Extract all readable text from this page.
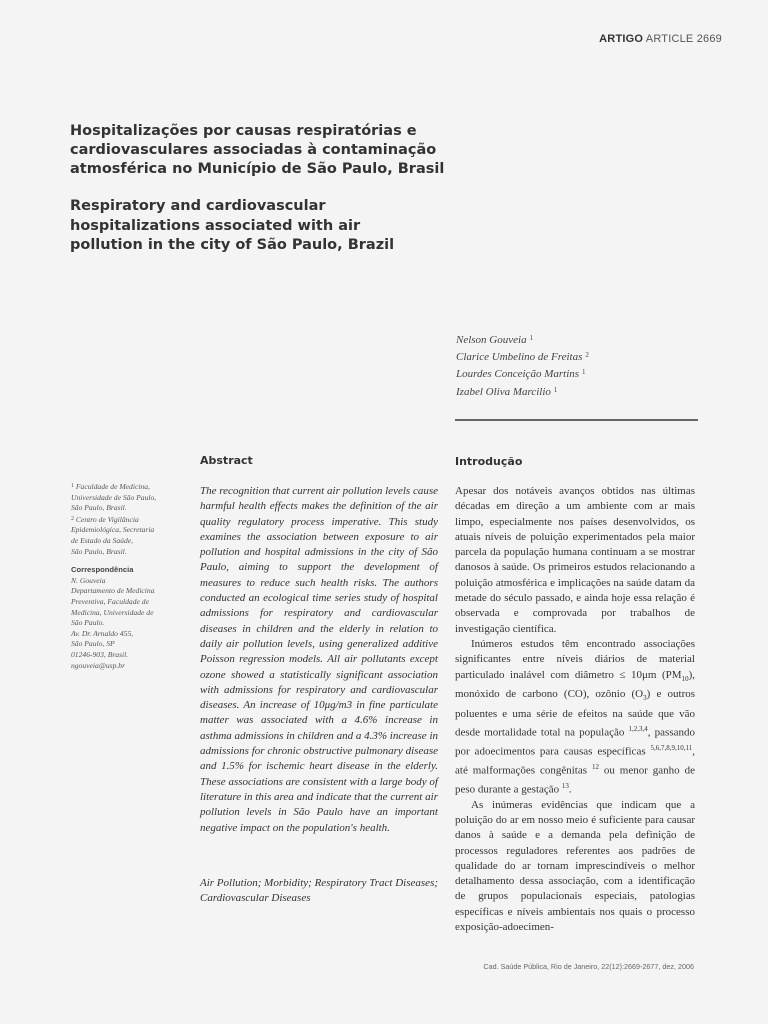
ARTIGO ARTICLE 2669
Hospitalizações por causas respiratórias e cardiovasculares associadas à contaminação atmosférica no Município de São Paulo, Brasil
Respiratory and cardiovascular hospitalizations associated with air pollution in the city of São Paulo, Brazil
Nelson Gouveia $^1$
Clarice Umbelino de Freitas $^2$
Lourdes Conceição Martins $^1$
Izabel Oliva Marcilio $^1$
Abstract	Introdução
$^1$ Faculdade de Medicina,
Universidade de São Paulo,
São Paulo, Brasil.
$^2$ Centro de Vigilância
Epidemiológica, Secretaria
de Estado da Saúde,
São Paulo, Brasil.
Correspondência
N. Gouveia
Departamento de Medicina
Preventiva, Faculdade de
Medicina, Universidade de
São Paulo.
Av. Dr. Arnaldo 455,
São Paulo, SP
01246-903, Brasil.
ngouveia@usp.br

The recognition that current air pollution levels cause harmful health effects makes the definition of the air quality regulatory process imperative. This study examines the association between exposure to air pollution and hospital admissions in the city of São Paulo, aiming to support the development of measures to reduce such health risks. The authors conducted an ecological time series study of hospital admissions for respiratory and cardiovascular diseases in children and the elderly in relation to daily air pollution levels, using generalized additive Poisson regression models. All air pollutants except ozone showed a statistically significant association with admissions for respiratory and cardiovascular diseases. An increase of 10μg/m3 in fine particulate matter was associated with a 4.6% increase in asthma admissions in children and a 4.3% increase in admissions for chronic obstructive pulmonary disease and 1.5% for ischemic heart disease in the elderly. These associations are consistent with a large body of literature in this area and indicate that the current air pollution levels in São Paulo have an important negative impact on the population's health.

Air Pollution; Morbidity; Respiratory Tract Diseases; Cardiovascular Diseases

Apesar dos notáveis avanços obtidos nas últimas décadas em direção a um ambiente com ar mais limpo, especialmente nos países desenvolvidos, os atuais níveis de poluição experimentados pela maior parcela da população humana continuam a se mostrar danosos à saúde. Os primeiros estudos relacionando a poluição atmosférica e implicações na saúde datam da metade do século passado, e ainda hoje essa relação é observada e comprovada por trabalhos de investigação científica.

Inúmeros estudos têm encontrado associações significantes entre níveis diários de material particulado inalável com diâmetro ≤ 10μm $(PM_{10})$, monóxido de carbono (CO), ozônio $(O_3)$ e outros poluentes e uma série de efeitos na saúde que vão desde mortalidade total na população $^{1,2,3,4}$, passando por adoecimentos para causas específicas $^{5,6,7,8,9,10,11}$, até malformações congênitas $^{12}$ ou menor ganho de peso durante a gestação $^{13}$.

As inúmeras evidências que indicam que a poluição do ar em nosso meio é suficiente para causar danos à saúde e a demanda pela definição de processos reguladores referentes aos padrões de qualidade do ar tornam imprescindíveis o melhor detalhamento dessa associação, com a identificação de grupos populacionais especiais, patologias específicas e níveis ambientais nos quais o processo exposição-adoecimen-

Cad. Saúde Pública, Rio de Janeiro, 22(12):2669-2677, dez, 2006
